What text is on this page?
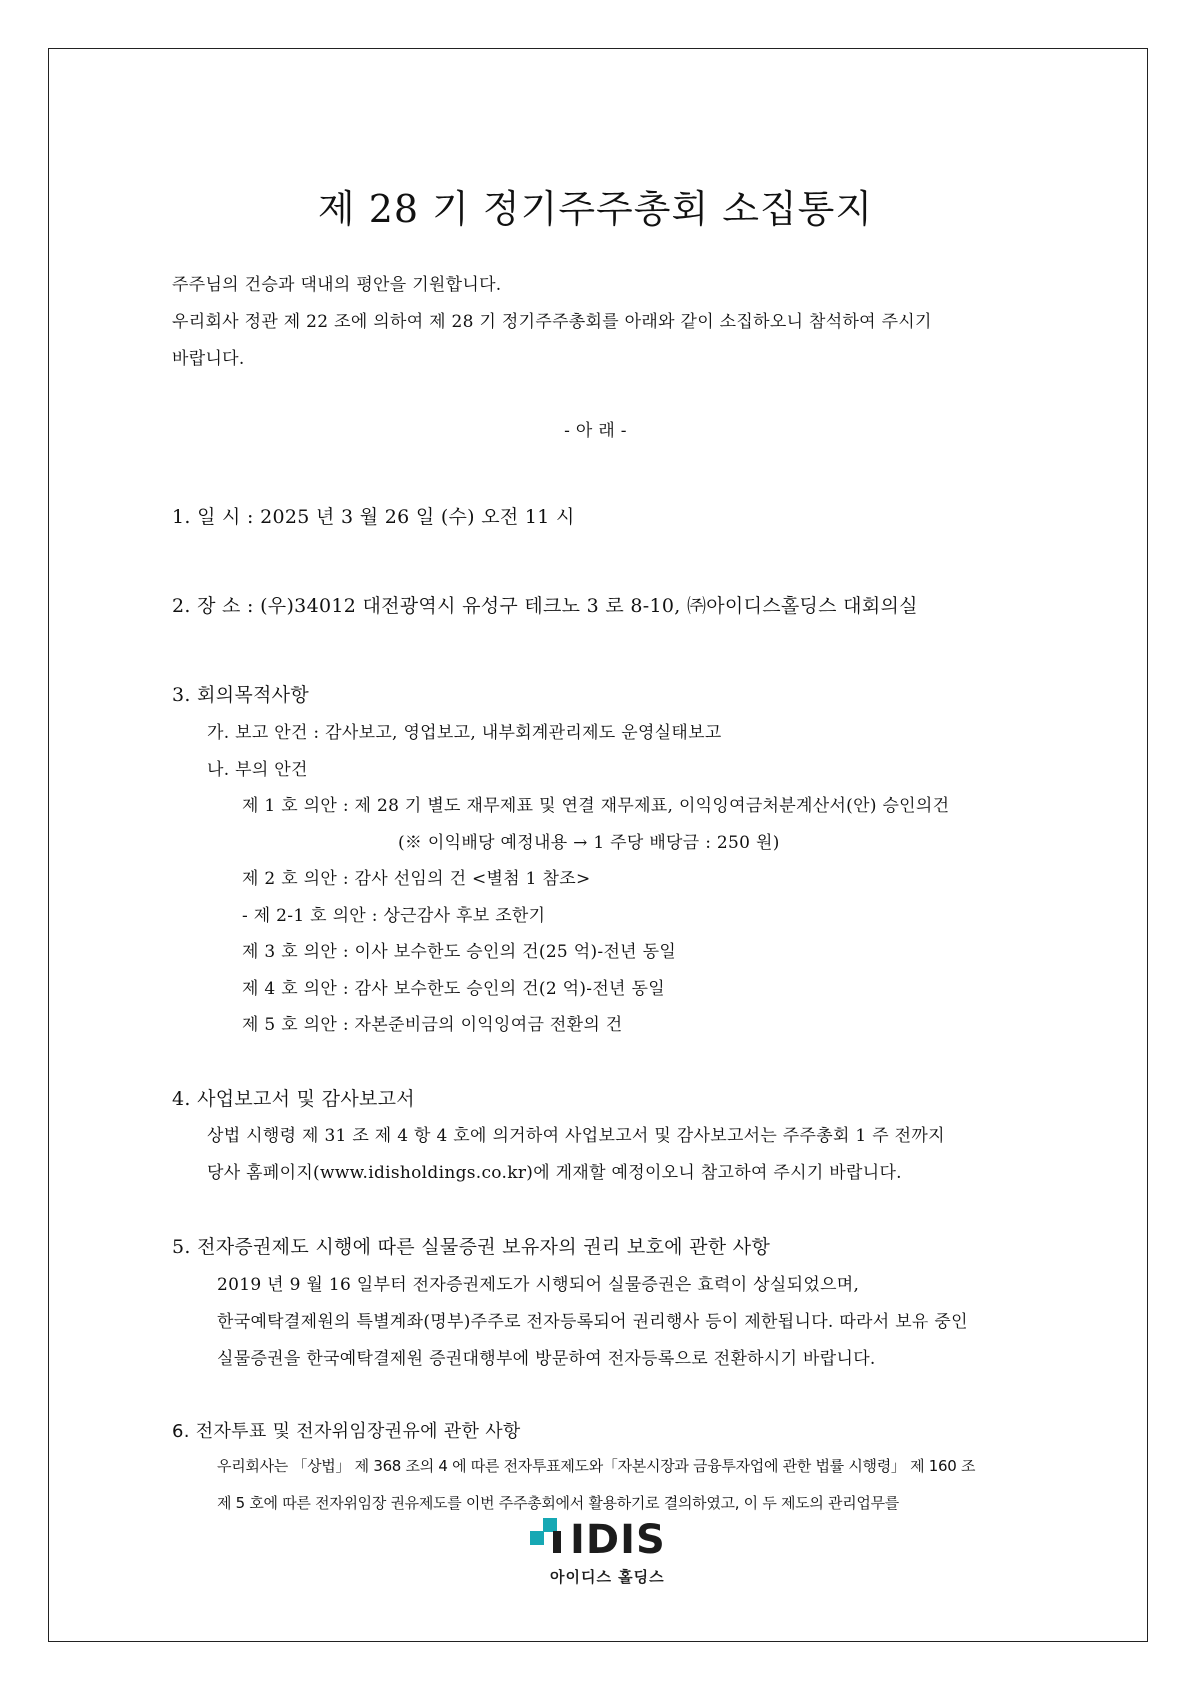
제 28 기 정기주주총회 소집통지
주주님의 건승과 댁내의 평안을 기원합니다.
우리회사 정관 제 22 조에 의하여 제 28 기 정기주주총회를 아래와 같이 소집하오니 참석하여 주시기
바랍니다.
- 아 래 -
1. 일 시 : 2025 년 3 월 26 일 (수) 오전 11 시
2. 장 소 : (우)34012 대전광역시 유성구 테크노 3 로 8-10, ㈜아이디스홀딩스 대회의실
3. 회의목적사항
가. 보고 안건 : 감사보고, 영업보고, 내부회계관리제도 운영실태보고
나. 부의 안건
제 1 호 의안 : 제 28 기 별도 재무제표 및 연결 재무제표, 이익잉여금처분계산서(안) 승인의건
(※ 이익배당 예정내용 → 1 주당 배당금 : 250 원)
제 2 호 의안 : 감사 선임의 건 <별첨 1 참조>
- 제 2-1 호 의안 : 상근감사 후보 조한기
제 3 호 의안 : 이사 보수한도 승인의 건(25 억)-전년 동일
제 4 호 의안 : 감사 보수한도 승인의 건(2 억)-전년 동일
제 5 호 의안 : 자본준비금의 이익잉여금 전환의 건
4. 사업보고서 및 감사보고서
상법 시행령 제 31 조 제 4 항 4 호에 의거하여 사업보고서 및 감사보고서는 주주총회 1 주 전까지
당사 홈페이지(www.idisholdings.co.kr)에 게재할 예정이오니 참고하여 주시기 바랍니다.
5. 전자증권제도 시행에 따른 실물증권 보유자의 권리 보호에 관한 사항
2019 년 9 월 16 일부터 전자증권제도가 시행되어 실물증권은 효력이 상실되었으며,
한국예탁결제원의 특별계좌(명부)주주로 전자등록되어 권리행사 등이 제한됩니다. 따라서 보유 중인
실물증권을 한국예탁결제원 증권대행부에 방문하여 전자등록으로 전환하시기 바랍니다.
6. 전자투표 및 전자위임장권유에 관한 사항
우리회사는 「상법」 제 368 조의 4 에 따른 전자투표제도와「자본시장과 금융투자업에 관한 법률 시행령」 제 160 조
제 5 호에 따른 전자위임장 권유제도를 이번 주주총회에서 활용하기로 결의하였고, 이 두 제도의 관리업무를
IDIS
아이디스 홀딩스
